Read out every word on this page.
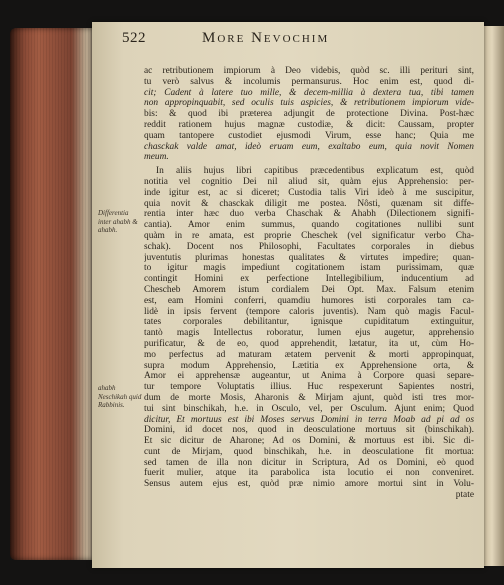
522	More Nevochim
Differentia inter ahabh & ahabh.
ahabh Neschikah quid Rabbinis.
ac retributionem impiorum à Deo videbis, quòd sc. illi perituri sint,
tu verò salvus & incolumis permansurus. Hoc enim est, quod di-
cit; Cadent à latere tuo mille, & decem-millia à dextera tua, tibi tamen
non appropinquabit, sed oculis tuis aspicies, & retributionem impiorum vide-
bis: & quod ibi præterea adjungit de protectione Divina. Post-hæc
reddit rationem hujus magnæ custodiæ, & dicit: Caussam, propter
quam tantopere custodiet ejusmodi Virum, esse hanc; Quia me
chasckak valde amat, ideò eruam eum, exaltabo eum, quia novit Nomen
meum.
In aliis hujus libri capitibus præcedentibus explicatum est, quòd
notitia vel cognitio Dei nil aliud sit, quàm ejus Apprehensio: per-
inde igitur est, ac si diceret; Custodia talis Viri ideò à me suscipitur,
quia novit & chasckak diligit me postea. Nôsti, quænam sit diffe-
rentia inter hæc duo verba Chaschak & Ahabh (Dilectionem signifi-
cantia). Amor enim summus, quando cogitationes nullibi sunt
quàm in re amata, est proprie Cheschek (vel significatur verbo Cha-
schak). Docent nos Philosophi, Facultates corporales in diebus
juventutis plurimas honestas qualitates & virtutes impedire; quan-
to igitur magis impediunt cogitationem istam purissimam, quæ
contingit Homini ex perfectione Intellegibilium, inducentium ad
Chescheb Amorem istum cordialem Dei Opt. Max. Falsum etenim
est, eam Homini conferri, quamdiu humores isti corporales tam ca-
lidè in ipsis fervent (tempore caloris juventis). Nam quò magis Facul-
tates corporales debilitantur, ignisque cupiditatum extinguitur,
tantò magis Intellectus roboratur, lumen ejus augetur, apprehensio
purificatur, & de eo, quod apprehendit, lætatur, ita ut, cùm Ho-
mo perfectus ad maturam ætatem pervenit & morti appropinquat,
supra modum Apprehensio, Lætitia ex Apprehensione orta, &
Amor ei apprehensæ augeantur, ut Anima à Corpore quasi separe-
tur tempore Voluptatis illius. Huc respexerunt Sapientes nostri,
dum de morte Mosis, Aharonis & Mirjam ajunt, quòd isti tres mor-
tui sint binschikah, h.e. in Osculo, vel, per Osculum. Ajunt enim; Quod
dicitur, Et mortuus est ibi Moses servus Domini in terra Moab ad pi ad os
Domini, id docet nos, quod in deosculatione mortuus sit (binschikah).
Et sic dicitur de Aharone; Ad os Domini, & mortuus est ibi. Sic di-
cunt de Mirjam, quod binschikah, h.e. in deosculatione fit mortua:
sed tamen de illa non dicitur in Scriptura, Ad os Domini, eò quod
fuerit mulier, atque ita parabolica ista locutio ei non conveniret.
Sensus autem ejus est, quòd præ nimio amore mortui sint in Volu-
ptate
